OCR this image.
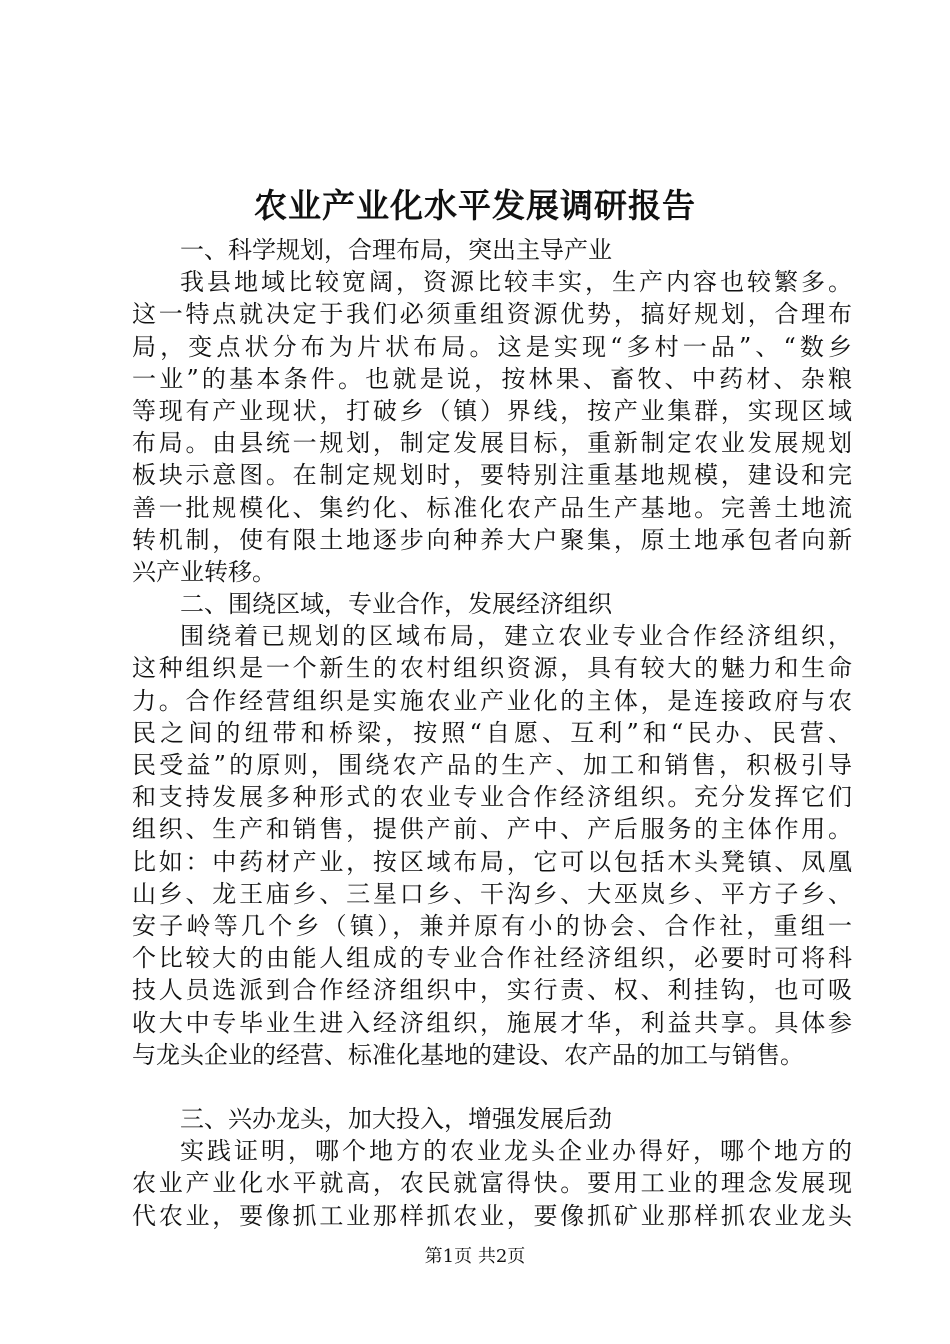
农业产业化水平发展调研报告
一、科学规划，合理布局，突出主导产业
我县地域比较宽阔，资源比较丰实，生产内容也较繁多。
这一特点就决定于我们必须重组资源优势，搞好规划，合理布
局，变点状分布为片状布局。这是实现“多村一品”、“数乡
一业”的基本条件。也就是说，按林果、畜牧、中药材、杂粮
等现有产业现状，打破乡（镇）界线，按产业集群，实现区域
布局。由县统一规划，制定发展目标，重新制定农业发展规划
板块示意图。在制定规划时，要特别注重基地规模，建设和完
善一批规模化、集约化、标准化农产品生产基地。完善土地流
转机制，使有限土地逐步向种养大户聚集，原土地承包者向新
兴产业转移。
二、围绕区域，专业合作，发展经济组织
围绕着已规划的区域布局，建立农业专业合作经济组织，
这种组织是一个新生的农村组织资源，具有较大的魅力和生命
力。合作经营组织是实施农业产业化的主体，是连接政府与农
民之间的纽带和桥梁，按照“自愿、互利”和“民办、民营、
民受益”的原则，围绕农产品的生产、加工和销售，积极引导
和支持发展多种形式的农业专业合作经济组织。充分发挥它们
组织、生产和销售，提供产前、产中、产后服务的主体作用。
比如：中药材产业，按区域布局，它可以包括木头凳镇、凤凰
山乡、龙王庙乡、三星口乡、干沟乡、大巫岚乡、平方子乡、
安子岭等几个乡（镇），兼并原有小的协会、合作社，重组一
个比较大的由能人组成的专业合作社经济组织，必要时可将科
技人员选派到合作经济组织中，实行责、权、利挂钩，也可吸
收大中专毕业生进入经济组织，施展才华，利益共享。具体参
与龙头企业的经营、标准化基地的建设、农产品的加工与销售。
三、兴办龙头，加大投入，增强发展后劲
实践证明，哪个地方的农业龙头企业办得好，哪个地方的
农业产业化水平就高，农民就富得快。要用工业的理念发展现
代农业，要像抓工业那样抓农业，要像抓矿业那样抓农业龙头
第1页 共2页
